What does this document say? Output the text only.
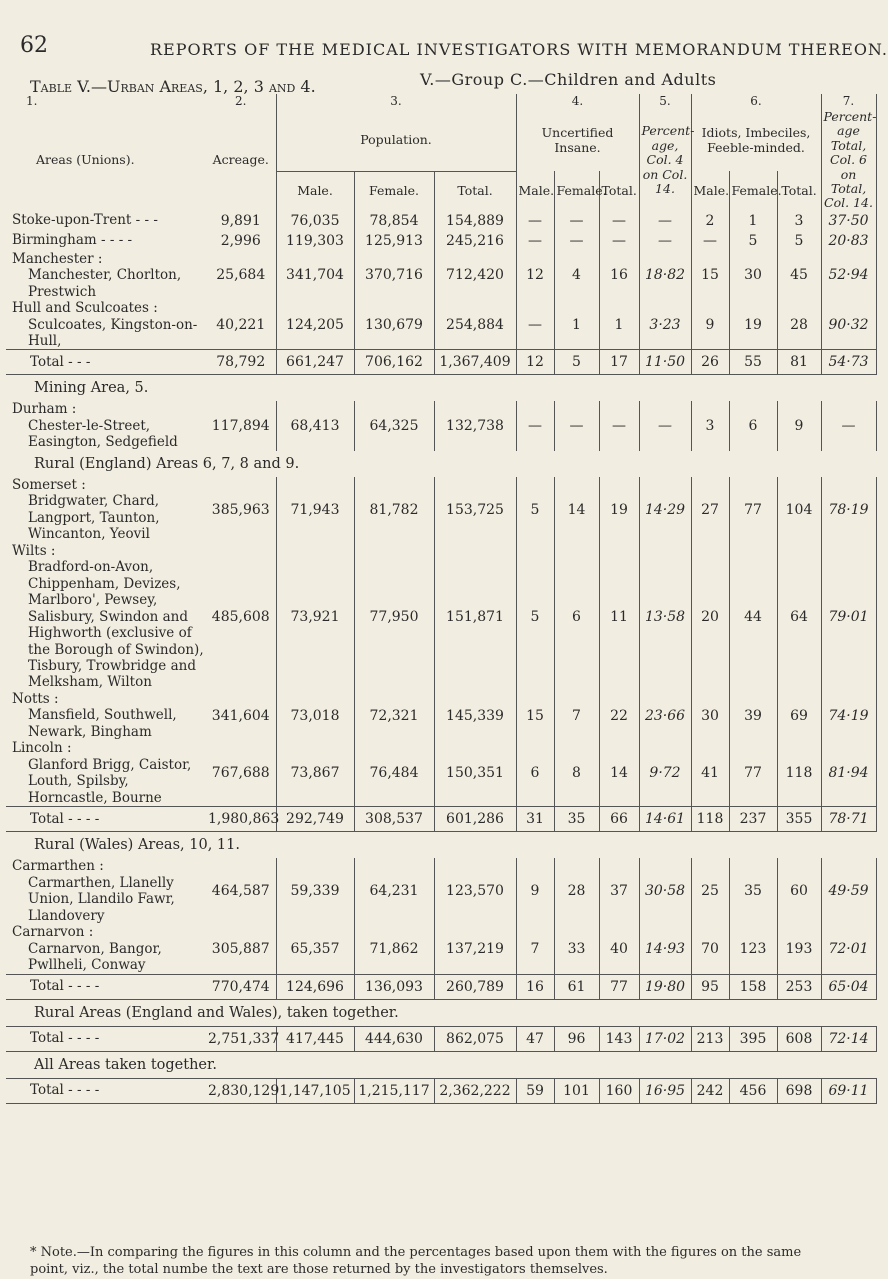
62	REPORTS OF THE MEDICAL INVESTIGATORS WITH MEMORANDUM THEREON.
Table V.—Urban Areas, 1, 2, 3 and 4.	V.—Group C.—Children and Adults
1.	2.	3.			4.			5.	6.			7.
Areas (Unions).	Acreage.	Population.			Uncertified Insane.			Percent-age, Col. 4 on Col. 14.	Idiots, Imbeciles, Feeble-minded.			Percent-age Total, Col. 6 on Total, Col. 14.
		Male.	Female.	Total.	Male.	Female.	Total.		Male.	Female.	Total.	
Stoke-upon-Trent - - -	9,891	76,035	78,854	154,889	—	—	—	—	2	1	3	37·50
Birmingham - - - -	2,996	119,303	125,913	245,216	—	—	—	—	—	5	5	20·83
Manchester :
Manchester, Chorlton, Prestwich	25,684	341,704	370,716	712,420	12	4	16	18·82	15	30	45	52·94
Hull and Sculcoates :
Sculcoates, Kingston-on-Hull,	40,221	124,205	130,679	254,884	—	1	1	3·23	9	19	28	90·32
Total - - -	78,792	661,247	706,162	1,367,409	12	5	17	11·50	26	55	81	54·73
Mining Area, 5.												
Durham :
Chester-le-Street, Easington, Sedgefield	117,894	68,413	64,325	132,738	—	—	—	—	3	6	9	—
Rural (England) Areas 6, 7, 8 and 9.												
Somerset :
Bridgwater, Chard, Langport, Taunton, Wincanton, Yeovil	385,963	71,943	81,782	153,725	5	14	19	14·29	27	77	104	78·19
Wilts :
Bradford-on-Avon, Chippenham, Devizes, Marlboro', Pewsey, Salisbury, Swindon and Highworth (exclusive of the Borough of Swindon), Tisbury, Trowbridge and Melksham, Wilton	485,608	73,921	77,950	151,871	5	6	11	13·58	20	44	64	79·01
Notts :
Mansfield, Southwell, Newark, Bingham	341,604	73,018	72,321	145,339	15	7	22	23·66	30	39	69	74·19
Lincoln :
Glanford Brigg, Caistor, Louth, Spilsby, Horncastle, Bourne	767,688	73,867	76,484	150,351	6	8	14	9·72	41	77	118	81·94
Total - - - -	1,980,863	292,749	308,537	601,286	31	35	66	14·61	118	237	355	78·71
Rural (Wales) Areas, 10, 11.												
Carmarthen :
Carmarthen, Llanelly Union, Llandilo Fawr, Llandovery	464,587	59,339	64,231	123,570	9	28	37	30·58	25	35	60	49·59
Carnarvon :
Carnarvon, Bangor, Pwllheli, Conway	305,887	65,357	71,862	137,219	7	33	40	14·93	70	123	193	72·01
Total - - - -	770,474	124,696	136,093	260,789	16	61	77	19·80	95	158	253	65·04
Rural Areas (England and Wales), taken together.												
Total - - - -	2,751,337	417,445	444,630	862,075	47	96	143	17·02	213	395	608	72·14
All Areas taken together.												
Total - - - -	2,830,129	1,147,105	1,215,117	2,362,222	59	101	160	16·95	242	456	698	69·11
* Note.—In comparing the figures in this column and the percentages based upon them with the figures on the same point, viz., the total numbe the text are those returned by the investigators themselves.
